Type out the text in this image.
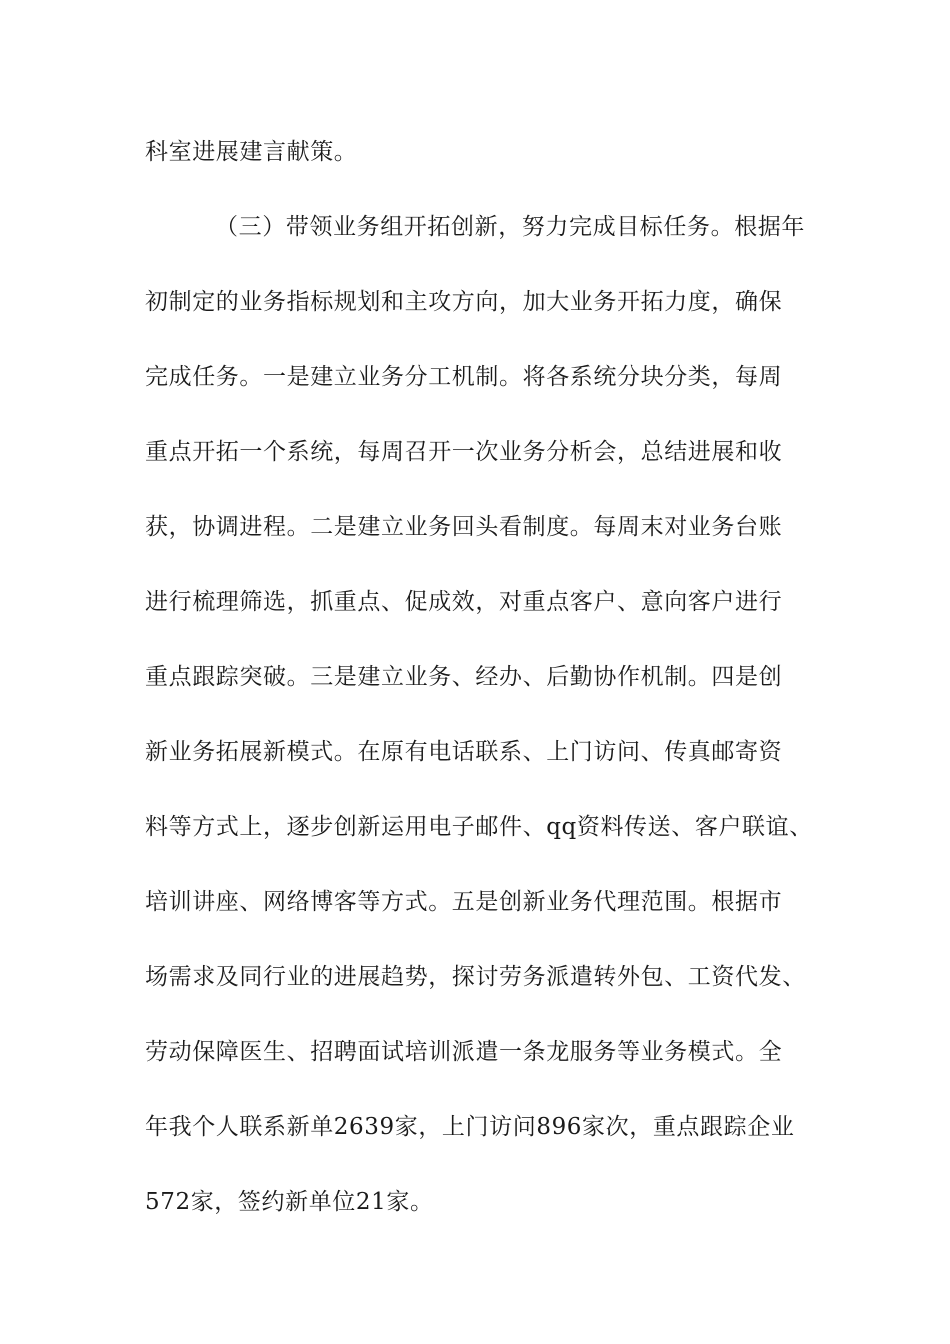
科室进展建言献策。
（三）带领业务组开拓创新，努力完成目标任务。根据年
初制定的业务指标规划和主攻方向，加大业务开拓力度，确保
完成任务。一是建立业务分工机制。将各系统分块分类，每周
重点开拓一个系统，每周召开一次业务分析会，总结进展和收
获，协调进程。二是建立业务回头看制度。每周末对业务台账
进行梳理筛选，抓重点、促成效，对重点客户、意向客户进行
重点跟踪突破。三是建立业务、经办、后勤协作机制。四是创
新业务拓展新模式。在原有电话联系、上门访问、传真邮寄资
料等方式上，逐步创新运用电子邮件、qq资料传送、客户联谊、
培训讲座、网络博客等方式。五是创新业务代理范围。根据市
场需求及同行业的进展趋势，探讨劳务派遣转外包、工资代发、
劳动保障医生、招聘面试培训派遣一条龙服务等业务模式。全
年我个人联系新单2639家，上门访问896家次，重点跟踪企业
572家，签约新单位21家。
